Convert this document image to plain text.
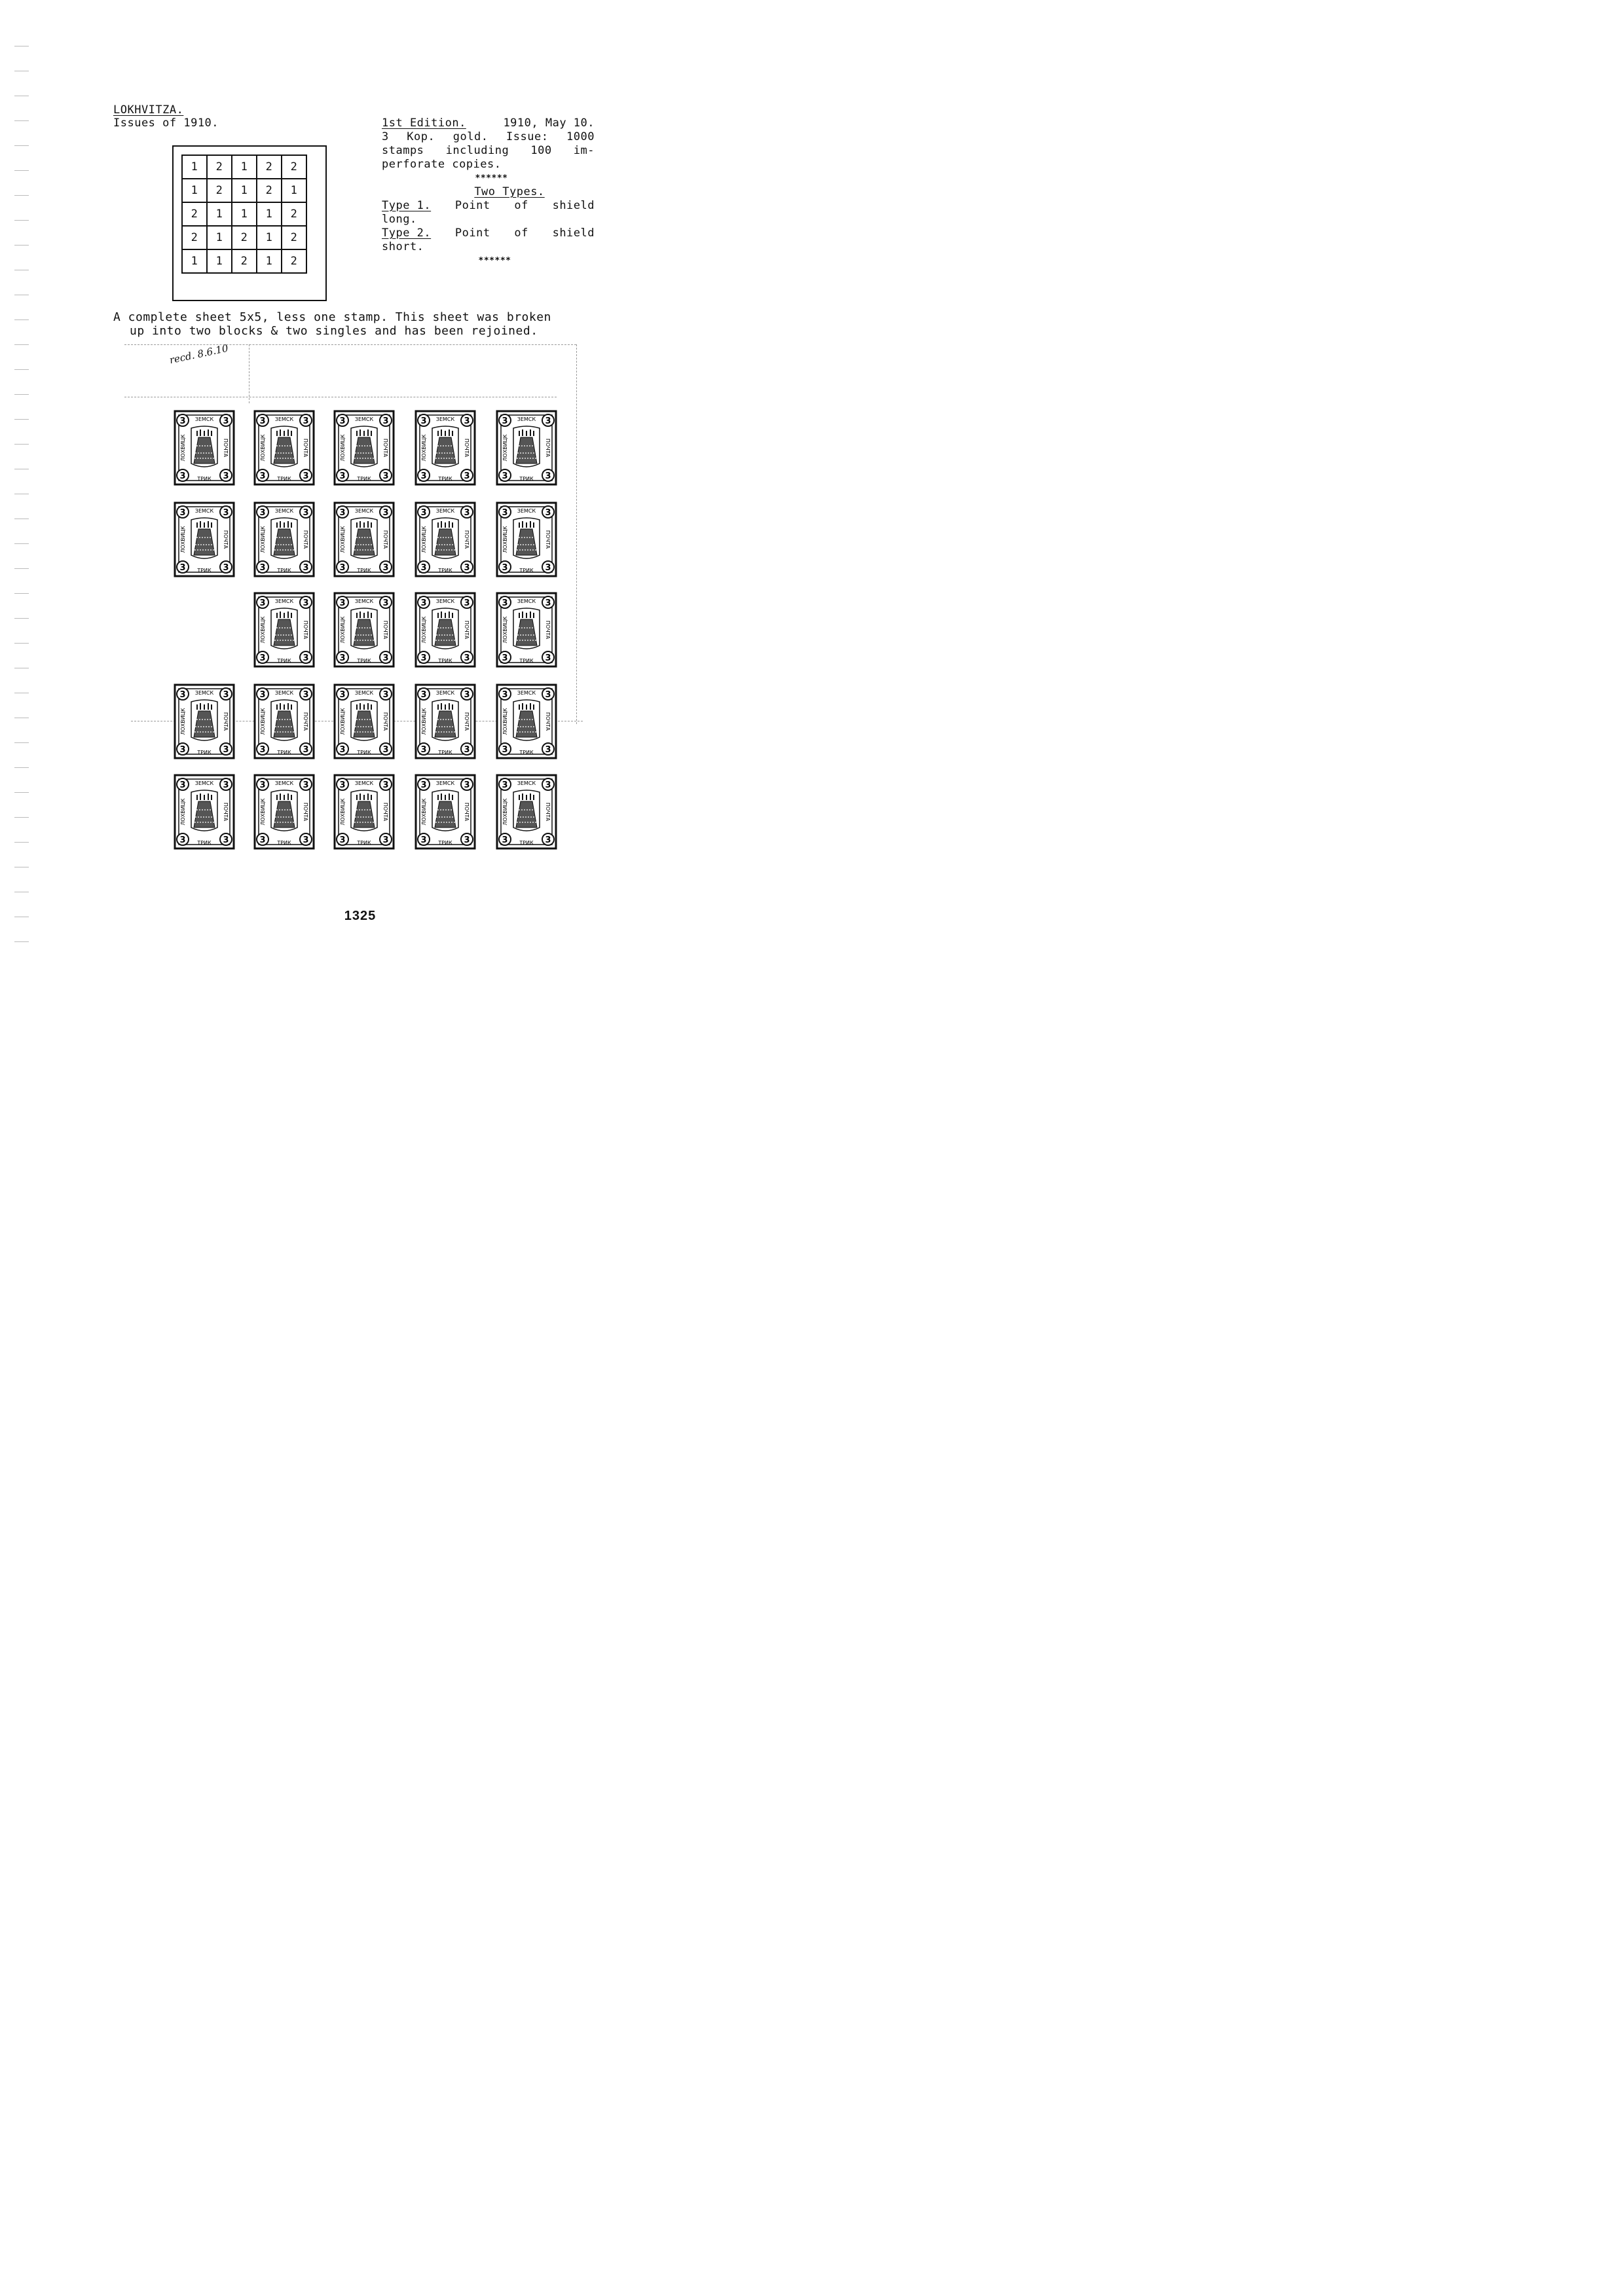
LOKHVITZA.
Issues of 1910.
1	2	1	2	2
1	2	1	2	1
2	1	1	1	2
2	1	2	1	2
1	1	2	1	2
1st Edition.	1910, May 10.
3 Kop. gold. Issue: 1000
stamps including 100 im-
perforate copies.
******
Two Types.
Type 1. Point of shield
long.
Type 2. Point of shield
short.
******
A complete sheet 5x5, less one stamp. This sheet was broken
up into two blocks & two singles and has been rejoined.
3	3
3	3
ЗЕМСК
ТРИК
ЛОХВИЦК	ПОЧТА
3	3
3	3
ЗЕМСК
ТРИК
ЛОХВИЦК	ПОЧТА
3	3
3	3
ЗЕМСК
ТРИК
ЛОХВИЦК	ПОЧТА
3	3
3	3
ЗЕМСК
ТРИК
ЛОХВИЦК	ПОЧТА
3	3
3	3
ЗЕМСК
ТРИК
ЛОХВИЦК	ПОЧТА
3	3
3	3
ЗЕМСК
ТРИК
ЛОХВИЦК	ПОЧТА
3	3
3	3
ЗЕМСК
ТРИК
ЛОХВИЦК	ПОЧТА
3	3
3	3
ЗЕМСК
ТРИК
ЛОХВИЦК	ПОЧТА
3	3
3	3
ЗЕМСК
ТРИК
ЛОХВИЦК	ПОЧТА
3	3
3	3
ЗЕМСК
ТРИК
ЛОХВИЦК	ПОЧТА
3	3
3	3
ЗЕМСК
ТРИК
ЛОХВИЦК	ПОЧТА
3	3
3	3
ЗЕМСК
ТРИК
ЛОХВИЦК	ПОЧТА
3	3
3	3
ЗЕМСК
ТРИК
ЛОХВИЦК	ПОЧТА
3	3
3	3
ЗЕМСК
ТРИК
ЛОХВИЦК	ПОЧТА
3	3
3	3
ЗЕМСК
ТРИК
ЛОХВИЦК	ПОЧТА
3	3
3	3
ЗЕМСК
ТРИК
ЛОХВИЦК	ПОЧТА
3	3
3	3
ЗЕМСК
ТРИК
ЛОХВИЦК	ПОЧТА
3	3
3	3
ЗЕМСК
ТРИК
ЛОХВИЦК	ПОЧТА
3	3
3	3
ЗЕМСК
ТРИК
ЛОХВИЦК	ПОЧТА
3	3
3	3
ЗЕМСК
ТРИК
ЛОХВИЦК	ПОЧТА
3	3
3	3
ЗЕМСК
ТРИК
ЛОХВИЦК	ПОЧТА
3	3
3	3
ЗЕМСК
ТРИК
ЛОХВИЦК	ПОЧТА
3	3
3	3
ЗЕМСК
ТРИК
ЛОХВИЦК	ПОЧТА
3	3
3	3
ЗЕМСК
ТРИК
ЛОХВИЦК	ПОЧТА
recd. 8.6.10
1325
